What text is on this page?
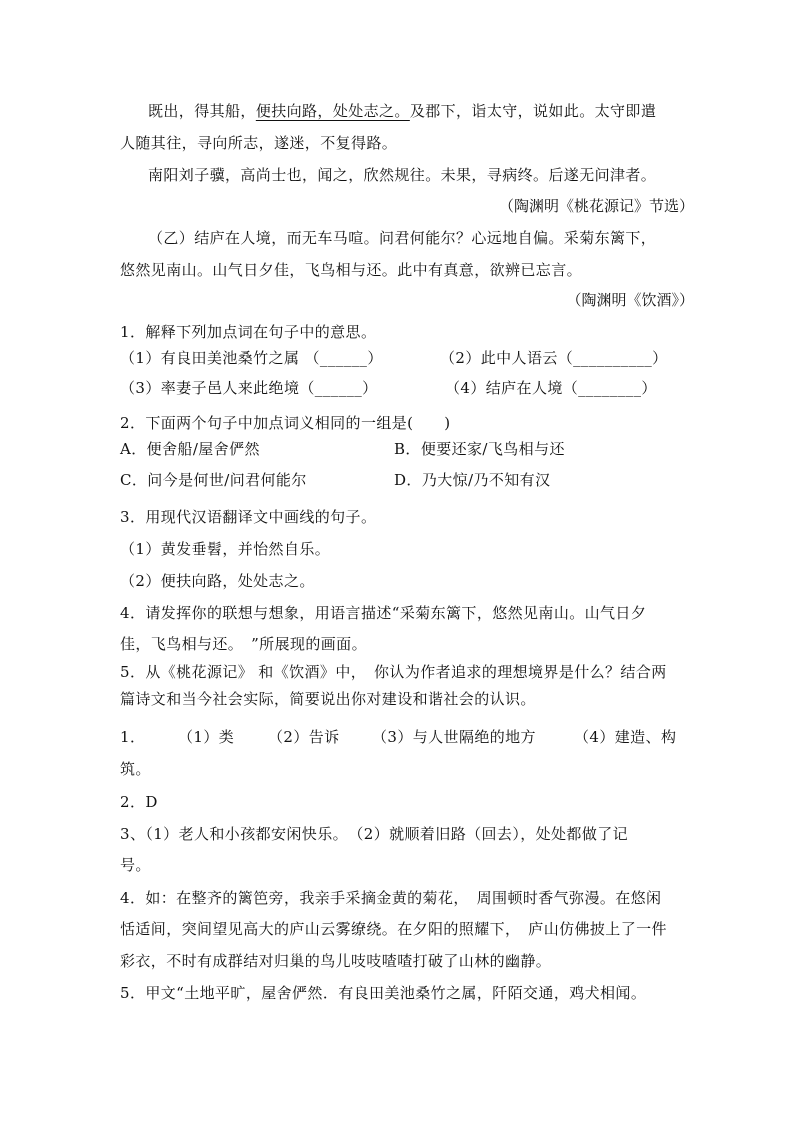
既出，得其船，便扶向路，处处志之。及郡下，诣太守，说如此。太守即遣
人随其往，寻向所志，遂迷，不复得路。
南阳刘子骥，高尚士也，闻之，欣然规往。未果，寻病终。后遂无问津者。
（陶渊明《桃花源记》节选）
（乙）结庐在人境，而无车马喧。问君何能尔？心远地自偏。采菊东篱下，
悠然见南山。山气日夕佳，飞鸟相与还。此中有真意，欲辨已忘言。
（陶渊明《饮酒》）
1．解释下列加点词在句子中的意思。
（1）有良田美池桑竹之属 （______）	（2）此中人语云（__________）
（3）率妻子邑人来此绝境（______）	（4）结庐在人境（________）
2．下面两个句子中加点词义相同的一组是(　　)
A．便舍船/屋舍俨然	B．便要还家/飞鸟相与还
C．问今是何世/问君何能尔	D．乃大惊/乃不知有汉
3．用现代汉语翻译文中画线的句子。
（1）黄发垂髫，并怡然自乐。
（2）便扶向路，处处志之。
4．请发挥你的联想与想象，用语言描述“采菊东篱下，悠然见南山。山气日夕
佳，飞鸟相与还。　”所展现的画面。
5．从《桃花源记》 和《饮酒》中，　你认为作者追求的理想境界是什么？结合两
篇诗文和当今社会实际，简要说出你对建设和谐社会的认识。
1． （1）类 （2）告诉 （3）与人世隔绝的地方	（4）建造、构
筑。
2．D
3、（1）老人和小孩都安闲快乐。　（2）就顺着旧路（回去），处处都做了记
号。
4．如：在整齐的篱笆旁，我亲手采摘金黄的菊花，　周围顿时香气弥漫。在悠闲
恬适间，突间望见高大的庐山云雾缭绕。在夕阳的照耀下，　庐山仿佛披上了一件
彩衣，不时有成群结对归巢的鸟儿吱吱喳喳打破了山林的幽静。
5．甲文“土地平旷，屋舍俨然．有良田美池桑竹之属，阡陌交通，鸡犬相闻。
